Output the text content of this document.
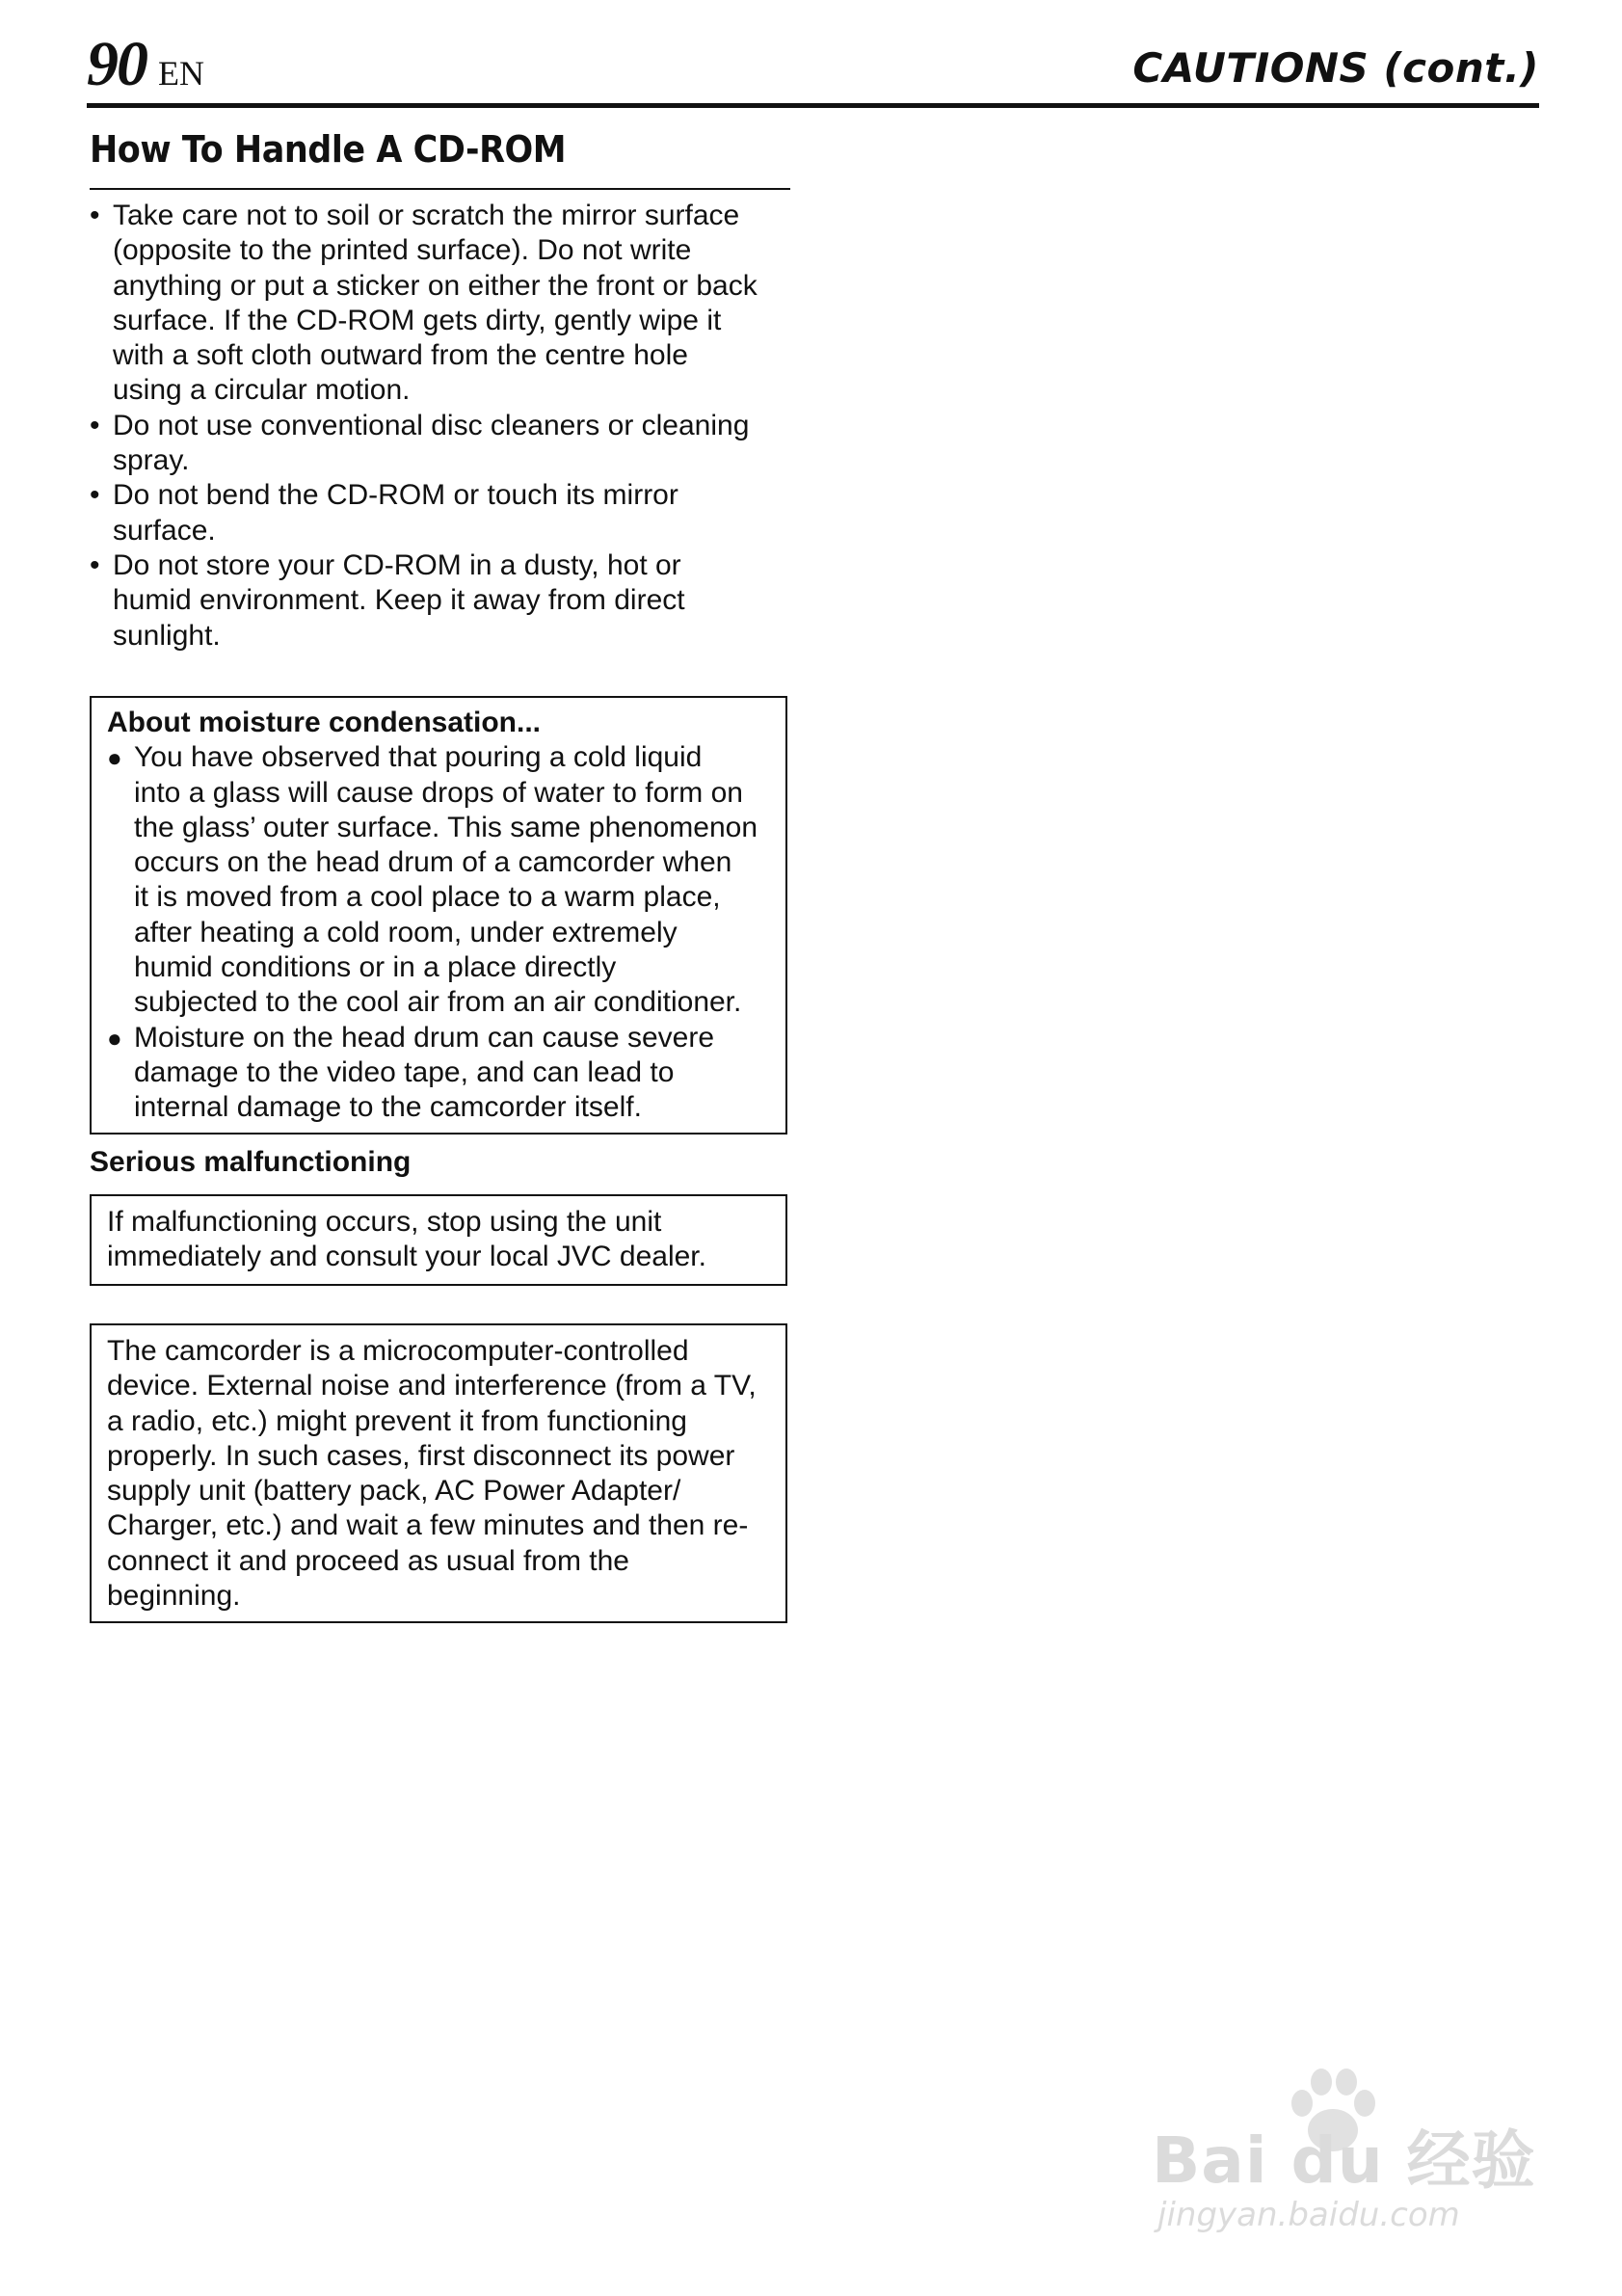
90 EN	CAUTIONS (cont.)
How To Handle A CD-ROM
• Take care not to soil or scratch the mirror surface
(opposite to the printed surface). Do not write
anything or put a sticker on either the front or back
surface. If the CD-ROM gets dirty, gently wipe it
with a soft cloth outward from the centre hole
using a circular motion.
• Do not use conventional disc cleaners or cleaning
spray.
• Do not bend the CD-ROM or touch its mirror
surface.
• Do not store your CD-ROM in a dusty, hot or
humid environment. Keep it away from direct
sunlight.
About moisture condensation...
● You have observed that pouring a cold liquid
into a glass will cause drops of water to form on
the glass’ outer surface. This same phenomenon
occurs on the head drum of a camcorder when
it is moved from a cool place to a warm place,
after heating a cold room, under extremely
humid conditions or in a place directly
subjected to the cool air from an air conditioner.
● Moisture on the head drum can cause severe
damage to the video tape, and can lead to
internal damage to the camcorder itself.
Serious malfunctioning
If malfunctioning occurs, stop using the unit
immediately and consult your local JVC dealer.
The camcorder is a microcomputer-controlled
device. External noise and interference (from a TV,
a radio, etc.) might prevent it from functioning
properly. In such cases, first disconnect its power
supply unit (battery pack, AC Power Adapter/
Charger, etc.) and wait a few minutes and then re-
connect it and proceed as usual from the
beginning.
Bai du 经验
jingyan.baidu.com
